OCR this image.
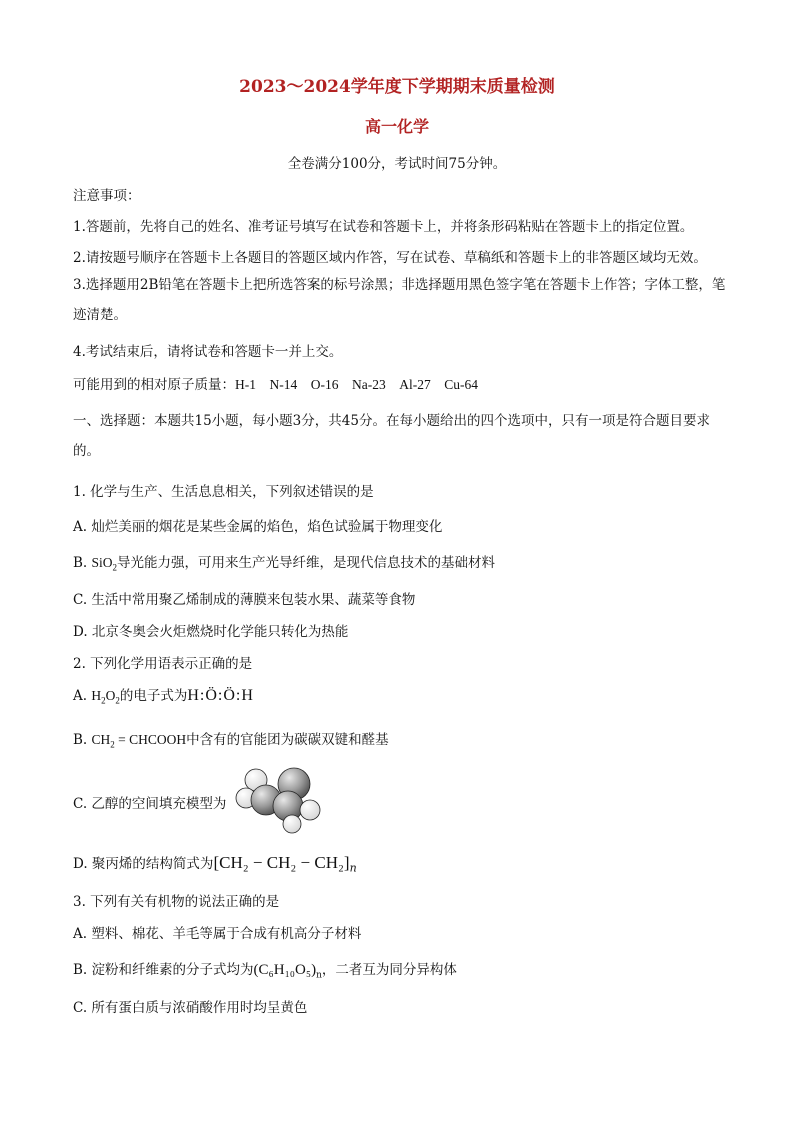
2023～2024学年度下学期期末质量检测
高一化学
全卷满分100分，考试时间75分钟。
注意事项：
1.答题前，先将自己的姓名、准考证号填写在试卷和答题卡上，并将条形码粘贴在答题卡上的指定位置。
2.请按题号顺序在答题卡上各题目的答题区域内作答，写在试卷、草稿纸和答题卡上的非答题区域均无效。
3.选择题用2B铅笔在答题卡上把所选答案的标号涂黑；非选择题用黑色签字笔在答题卡上作答；字体工整，笔迹清楚。
4.考试结束后，请将试卷和答题卡一并上交。
可能用到的相对原子质量：H-1　N-14　O-16　Na-23　Al-27　Cu-64
一、选择题：本题共15小题，每小题3分，共45分。在每小题给出的四个选项中，只有一项是符合题目要求的。
1. 化学与生产、生活息息相关，下列叙述错误的是
A. 灿烂美丽的烟花是某些金属的焰色，焰色试验属于物理变化
B. SiO$_2$导光能力强，可用来生产光导纤维，是现代信息技术的基础材料
C. 生活中常用聚乙烯制成的薄膜来包装水果、蔬菜等食物
D. 北京冬奥会火炬燃烧时化学能只转化为热能
2. 下列化学用语表示正确的是
A. $H_2O_2$的电子式为H:Ö:Ö:H
B. $CH_2$ = CHCOOH中含有的官能团为碳碳双键和醛基
C. 乙醇的空间填充模型为
D. 聚丙烯的结构简式为$[CH_2 - CH_2 - CH_2]_n$
3. 下列有关有机物的说法正确的是
A. 塑料、棉花、羊毛等属于合成有机高分子材料
B. 淀粉和纤维素的分子式均为$(C_6H_{10}O_5)_n$，二者互为同分异构体
C. 所有蛋白质与浓硝酸作用时均呈黄色
